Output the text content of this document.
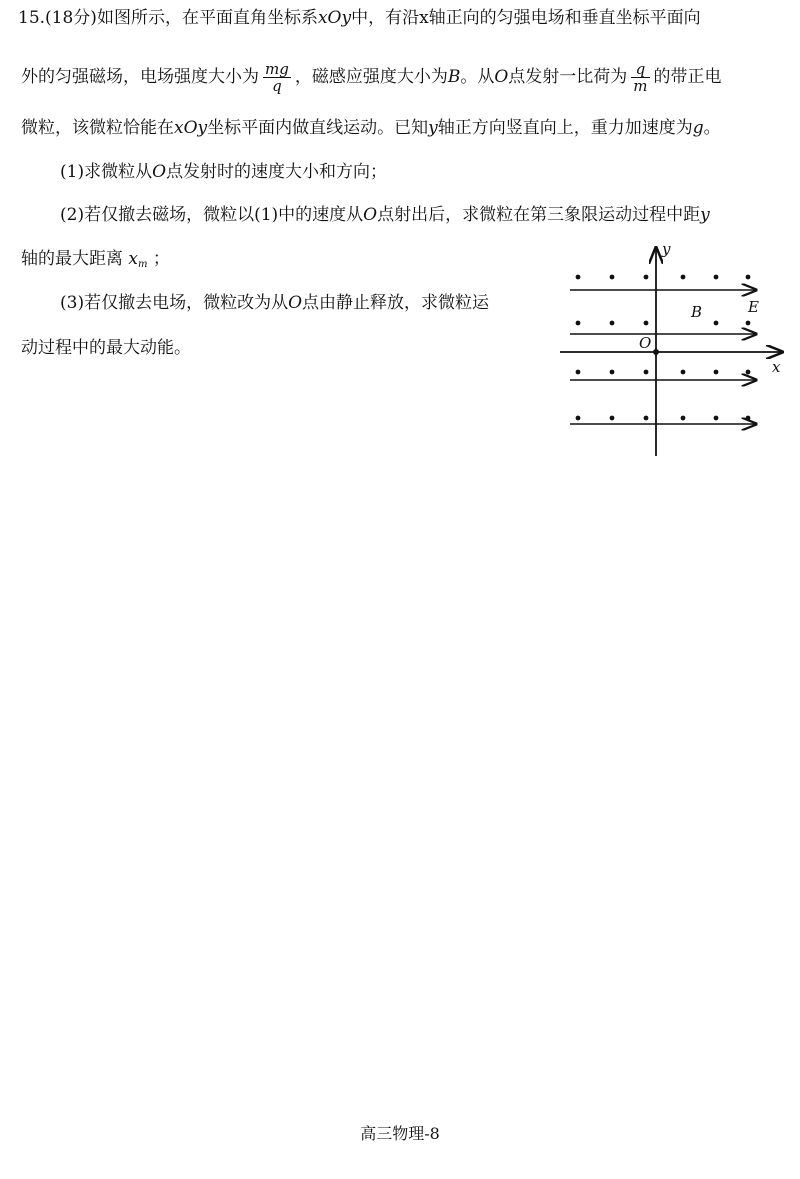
15.(18分)如图所示，在平面直角坐标系xOy中，有沿x轴正向的匀强电场和垂直坐标平面向
外的匀强磁场，电场强度大小为 $\frac{mg}{q}$ ，磁感应强度大小为B。从O点发射一比荷为 $\frac{q}{m}$ 的带正电
微粒，该微粒恰能在xOy坐标平面内做直线运动。已知y轴正方向竖直向上，重力加速度为g。
(1)求微粒从O点发射时的速度大小和方向；
(2)若仅撤去磁场，微粒以(1)中的速度从O点射出后，求微粒在第三象限运动过程中距y
轴的最大距离 $x_m$ ；
(3)若仅撤去电场，微粒改为从O点由静止释放，求微粒运
动过程中的最大动能。
y
x
O
B	E
高三物理-8
